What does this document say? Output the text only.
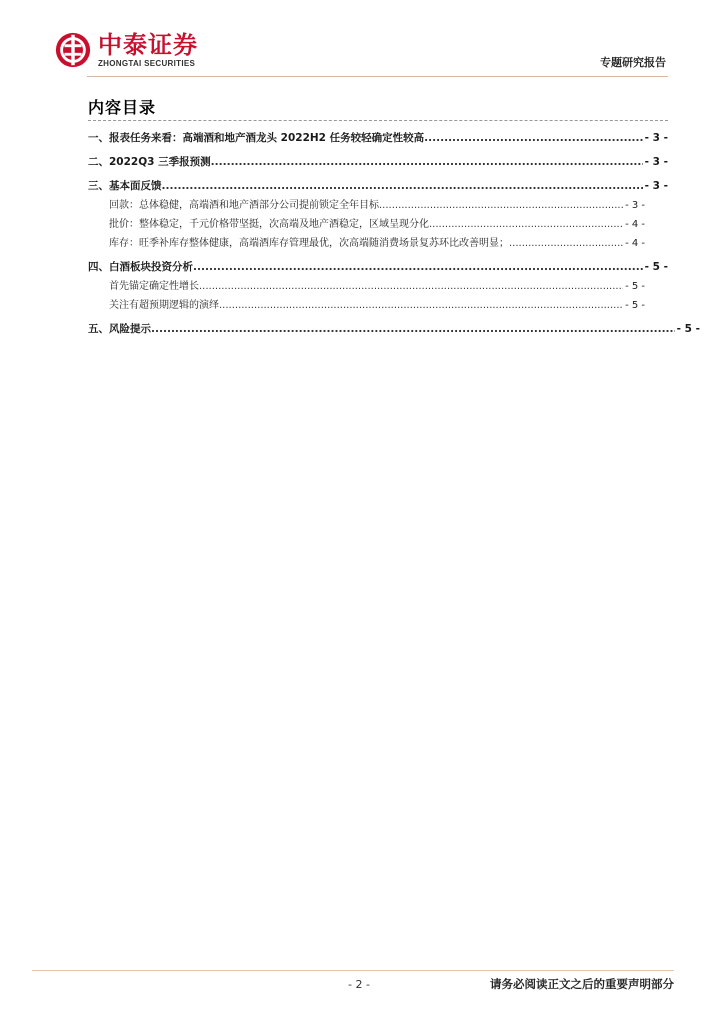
中泰证券
ZHONGTAI SECURITIES	专题研究报告
内容目录
一、报表任务来看：高端酒和地产酒龙头 2022H2 任务较轻确定性较高 .....	- 3 -
二、2022Q3 三季报预测 .....	- 3 -
三、基本面反馈 .....	- 3 -
回款：总体稳健，高端酒和地产酒部分公司提前锁定全年目标 .....	- 3 -
批价：整体稳定，千元价格带坚挺，次高端及地产酒稳定，区域呈现分化 .....	- 4 -
库存：旺季补库存整体健康，高端酒库存管理最优，次高端随消费场景复苏环比改善明显； .....	- 4 -
四、白酒板块投资分析 .....	- 5 -
首先锚定确定性增长 .....	- 5 -
关注有超预期逻辑的演绎 .....	- 5 -
五、风险提示 .....	- 5 -
- 2 -	请务必阅读正文之后的重要声明部分
